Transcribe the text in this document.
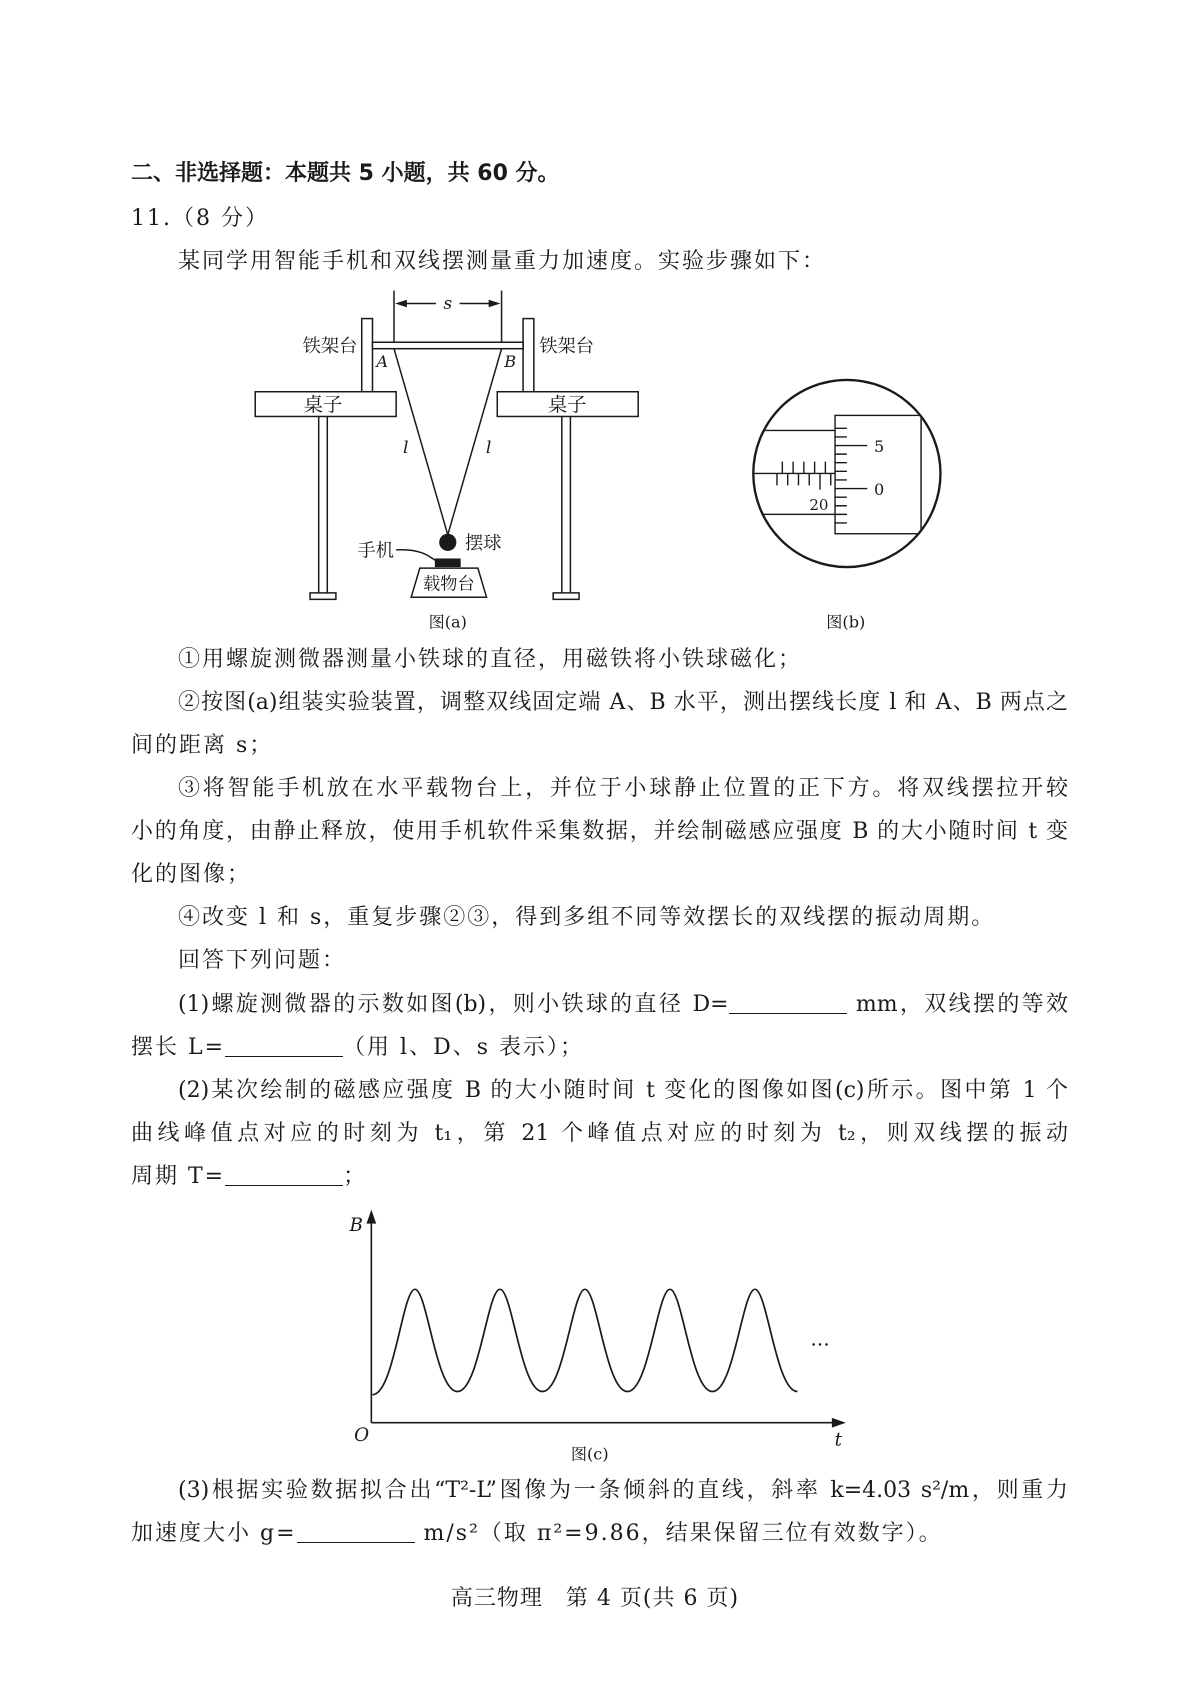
二、非选择题：本题共 5 小题，共 60 分。
11.（8 分）
某同学用智能手机和双线摆测量重力加速度。实验步骤如下：
s
铁架台	铁架台
A	B
桌子	桌子
l	l
摆球
手机
载物台
图(a)
5
0
20
图(b)
①用螺旋测微器测量小铁球的直径，用磁铁将小铁球磁化；
②按图(a)组装实验装置，调整双线固定端 A、B 水平，测出摆线长度 l 和 A、B 两点之
间的距离 s；
③将智能手机放在水平载物台上，并位于小球静止位置的正下方。将双线摆拉开较
小的角度，由静止释放，使用手机软件采集数据，并绘制磁感应强度 B 的大小随时间 t 变
化的图像；
④改变 l 和 s，重复步骤②③，得到多组不同等效摆长的双线摆的振动周期。
回答下列问题：
(1)螺旋测微器的示数如图(b)，则小铁球的直径 D=	mm，双线摆的等效
摆长 L=	（用 l、D、s 表示）；
(2)某次绘制的磁感应强度 B 的大小随时间 t 变化的图像如图(c)所示。图中第 1 个
曲线峰值点对应的时刻为 t₁，第 21 个峰值点对应的时刻为 t₂，则双线摆的振动
周期 T=	；
B
t
O
…
图(c)
(3)根据实验数据拟合出“T²-L”图像为一条倾斜的直线，斜率 k=4.03 s²/m，则重力
加速度大小 g=	m/s²（取 π²=9.86，结果保留三位有效数字）。
高三物理　第 4 页(共 6 页)
